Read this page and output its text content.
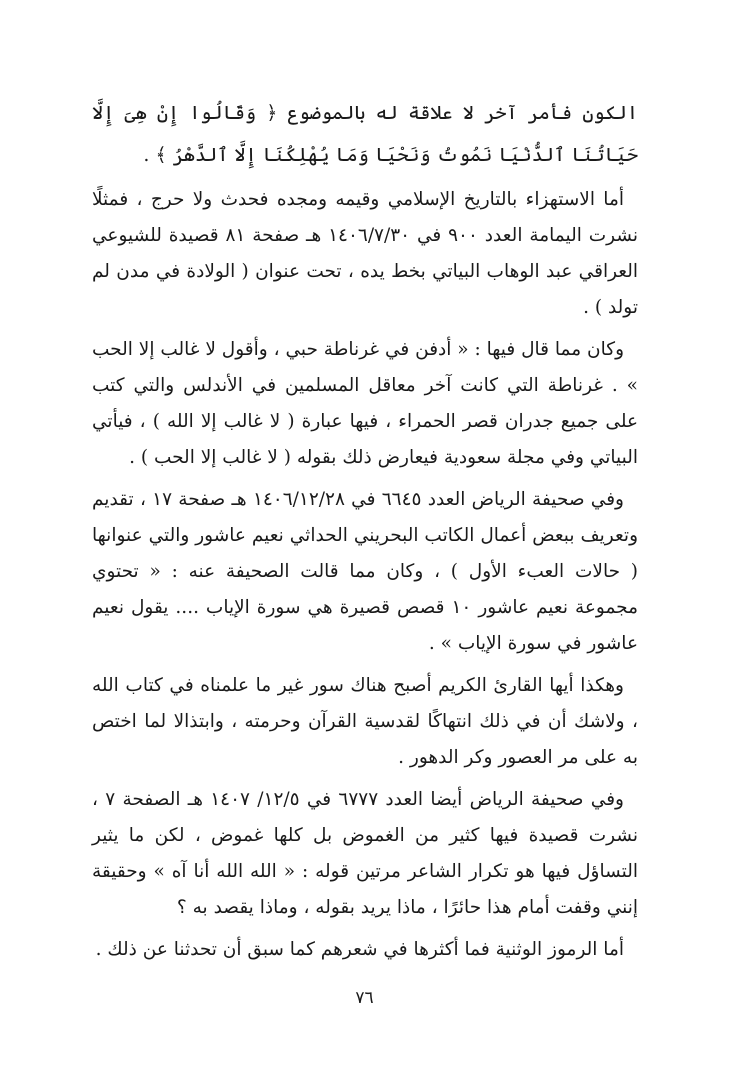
الكون فأمر آخر لا علاقة له بالموضوع ﴿ وَقَالُوا إِنْ هِىَ إِلَّا حَيَاتُنَا ٱلدُّنْيَا نَمُوتُ وَنَحْيَا وَمَا يُهْلِكُنَا إِلَّا ٱلدَّهْرُ ﴾ .

أما الاستهزاء بالتاريخ الإسلامي وقيمه ومجده فحدث ولا حرج ، فمثلًا نشرت اليمامة العدد ٩٠٠ في ١٤٠٦/٧/٣٠ هـ صفحة ٨١ قصيدة للشيوعي العراقي عبد الوهاب البياتي بخط يده ، تحت عنوان ( الولادة في مدن لم تولد ) .

وكان مما قال فيها : « أدفن في غرناطة حبي ، وأقول لا غالب إلا الحب » . غرناطة التي كانت آخر معاقل المسلمين في الأندلس والتي كتب على جميع جدران قصر الحمراء ، فيها عبارة ( لا غالب إلا الله ) ، فيأتي البياتي وفي مجلة سعودية فيعارض ذلك بقوله ( لا غالب إلا الحب ) .

وفي صحيفة الرياض العدد ٦٦٤٥ في ١٤٠٦/١٢/٢٨ هـ صفحة ١٧ ، تقديم وتعريف ببعض أعمال الكاتب البحريني الحداثي نعيم عاشور والتي عنوانها ( حالات العبء الأول ) ، وكان مما قالت الصحيفة عنه : « تحتوي مجموعة نعيم عاشور ١٠ قصص قصيرة هي سورة الإياب .... يقول نعيم عاشور في سورة الإياب » .

وهكذا أيها القارئ الكريم أصبح هناك سور غير ما علمناه في كتاب الله ، ولاشك أن في ذلك انتهاكًا لقدسية القرآن وحرمته ، وابتذالا لما اختص به على مر العصور وكر الدهور .

وفي صحيفة الرياض أيضا العدد ٦٧٧٧ في ١٢/٥/ ١٤٠٧ هـ الصفحة ٧ ، نشرت قصيدة فيها كثير من الغموض بل كلها غموض ، لكن ما يثير التساؤل فيها هو تكرار الشاعر مرتين قوله : « الله الله أنا آه » وحقيقة إنني وقفت أمام هذا حائرًا ، ماذا يريد بقوله ، وماذا يقصد به ؟

أما الرموز الوثنية فما أكثرها في شعرهم كما سبق أن تحدثنا عن ذلك .

٧٦
